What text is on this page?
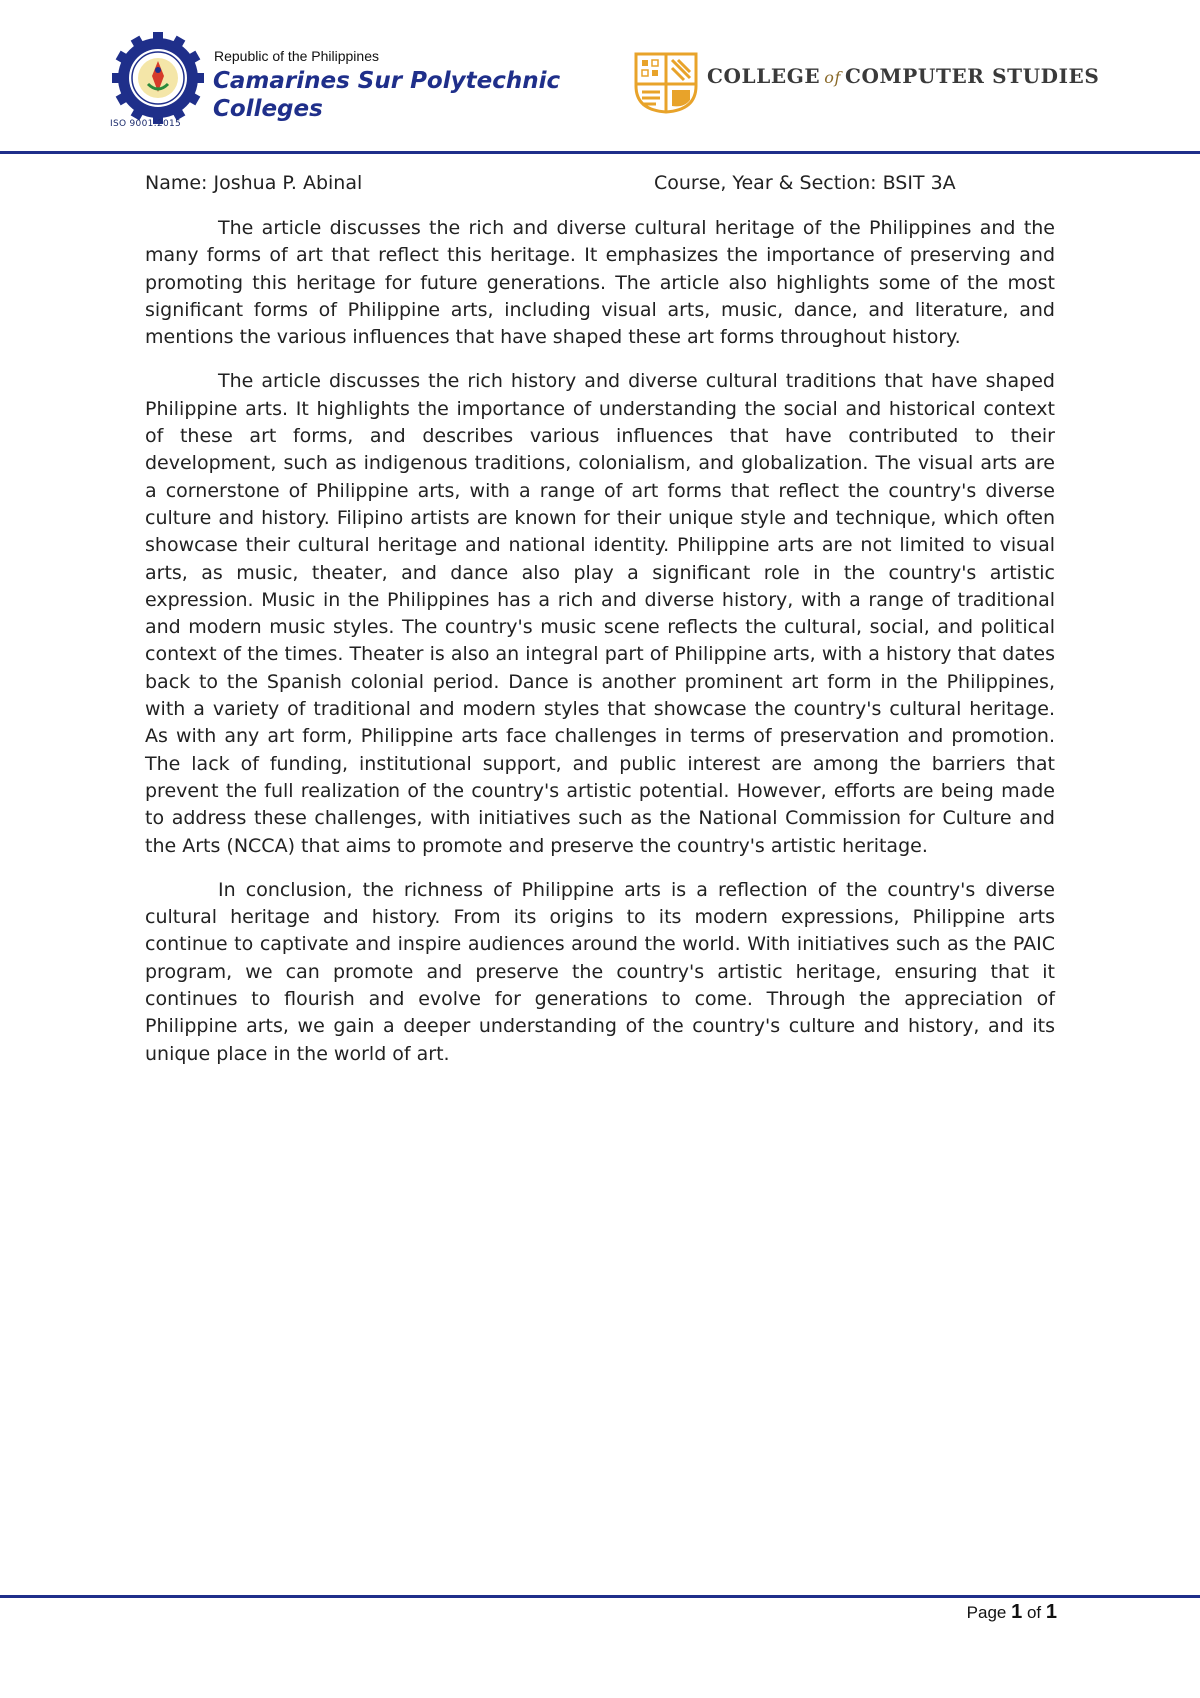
ISO 9001:2015
Republic of the Philippines
Camarines Sur Polytechnic Colleges
COLLEGE of COMPUTER STUDIES
Name: Joshua P. Abinal	Course, Year & Section: BSIT 3A

The article discusses the rich and diverse cultural heritage of the Philippines and the many forms of art that reflect this heritage. It emphasizes the importance of preserving and promoting this heritage for future generations. The article also highlights some of the most significant forms of Philippine arts, including visual arts, music, dance, and literature, and mentions the various influences that have shaped these art forms throughout history.

The article discusses the rich history and diverse cultural traditions that have shaped Philippine arts. It highlights the importance of understanding the social and historical context of these art forms, and describes various influences that have contributed to their development, such as indigenous traditions, colonialism, and globalization. The visual arts are a cornerstone of Philippine arts, with a range of art forms that reflect the country's diverse culture and history. Filipino artists are known for their unique style and technique, which often showcase their cultural heritage and national identity. Philippine arts are not limited to visual arts, as music, theater, and dance also play a significant role in the country's artistic expression. Music in the Philippines has a rich and diverse history, with a range of traditional and modern music styles. The country's music scene reflects the cultural, social, and political context of the times. Theater is also an integral part of Philippine arts, with a history that dates back to the Spanish colonial period. Dance is another prominent art form in the Philippines, with a variety of traditional and modern styles that showcase the country's cultural heritage. As with any art form, Philippine arts face challenges in terms of preservation and promotion. The lack of funding, institutional support, and public interest are among the barriers that prevent the full realization of the country's artistic potential. However, efforts are being made to address these challenges, with initiatives such as the National Commission for Culture and the Arts (NCCA) that aims to promote and preserve the country's artistic heritage.

In conclusion, the richness of Philippine arts is a reflection of the country's diverse cultural heritage and history. From its origins to its modern expressions, Philippine arts continue to captivate and inspire audiences around the world. With initiatives such as the PAIC program, we can promote and preserve the country's artistic heritage, ensuring that it continues to flourish and evolve for generations to come. Through the appreciation of Philippine arts, we gain a deeper understanding of the country's culture and history, and its unique place in the world of art.

Page 1 of 1
